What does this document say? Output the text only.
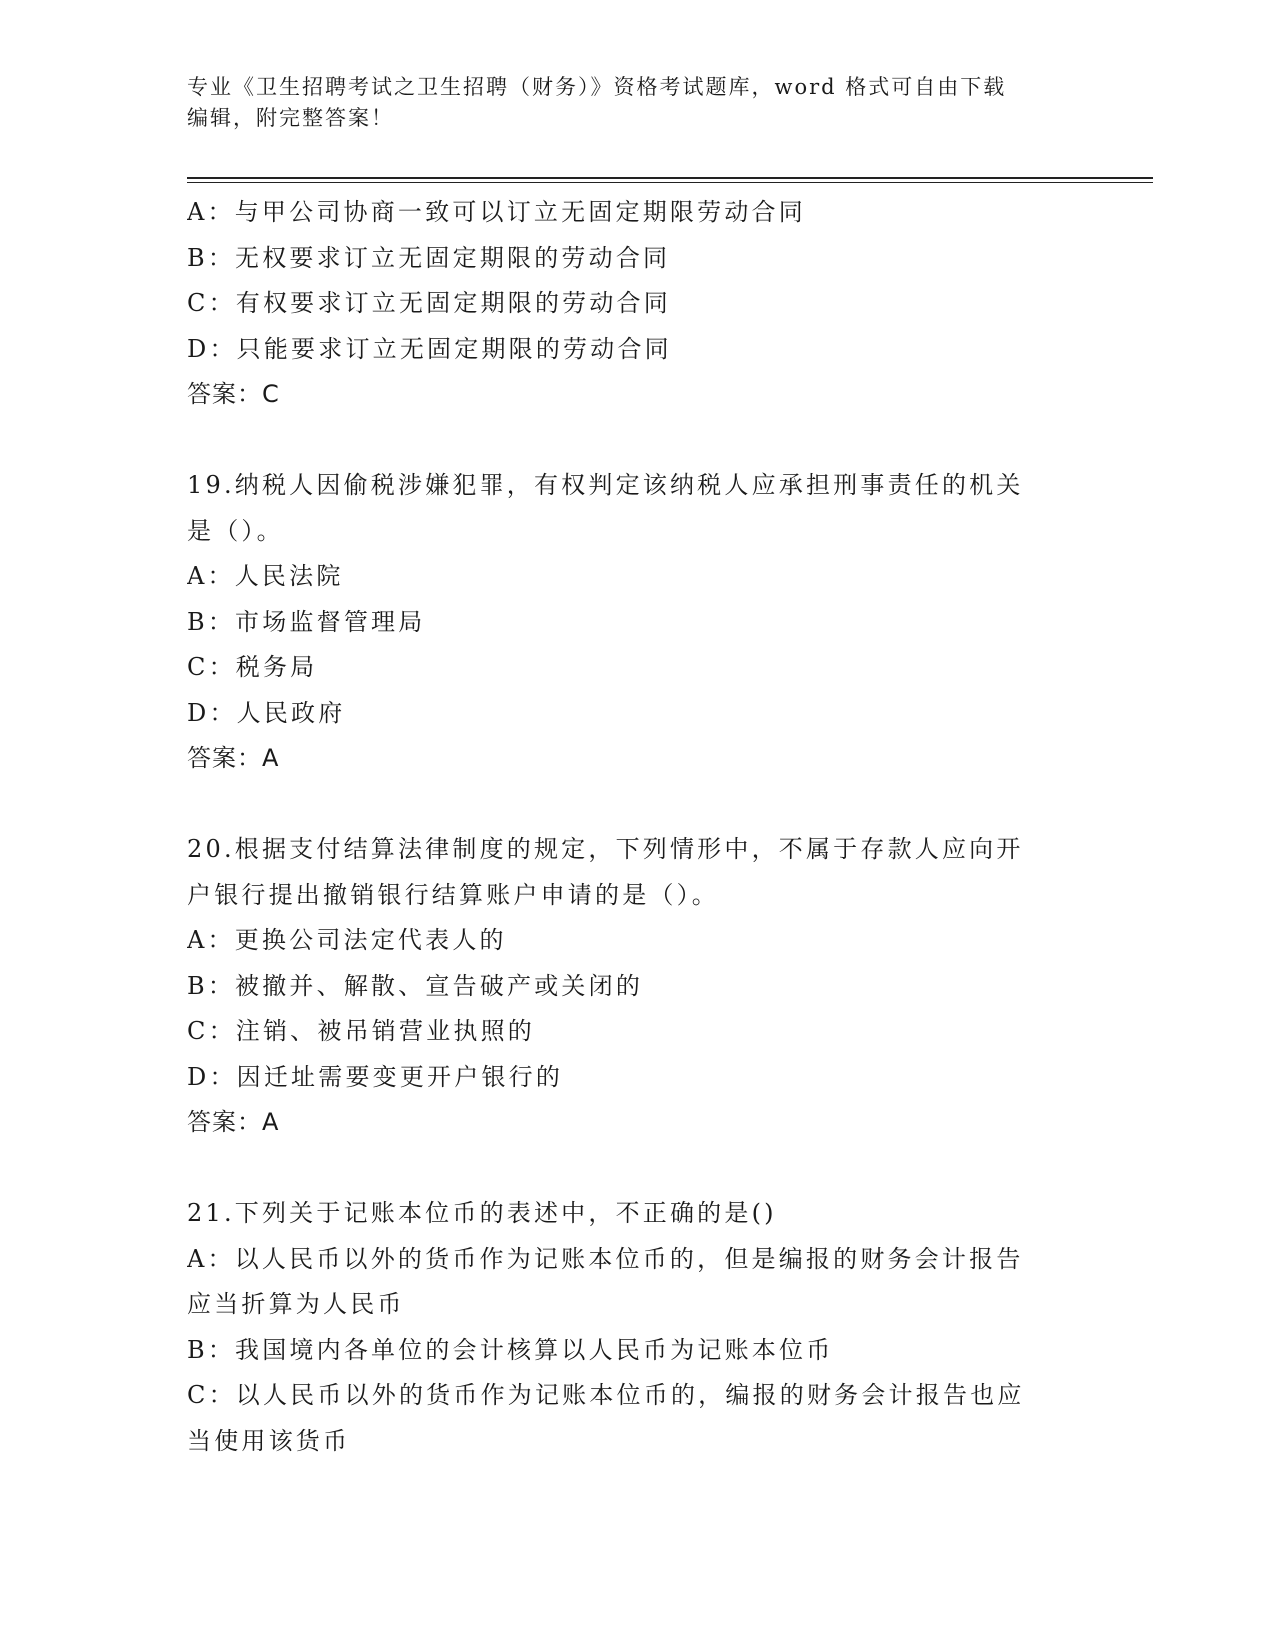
专业《卫生招聘考试之卫生招聘（财务）》资格考试题库，word 格式可自由下载
编辑，附完整答案！
A：与甲公司协商一致可以订立无固定期限劳动合同
B：无权要求订立无固定期限的劳动合同
C：有权要求订立无固定期限的劳动合同
D：只能要求订立无固定期限的劳动合同
答案：C
19.纳税人因偷税涉嫌犯罪，有权判定该纳税人应承担刑事责任的机关
是（）。
A：人民法院
B：市场监督管理局
C：税务局
D：人民政府
答案：A
20.根据支付结算法律制度的规定，下列情形中，不属于存款人应向开
户银行提出撤销银行结算账户申请的是（）。
A：更换公司法定代表人的
B：被撤并、解散、宣告破产或关闭的
C：注销、被吊销营业执照的
D：因迁址需要变更开户银行的
答案：A
21.下列关于记账本位币的表述中，不正确的是()
A：以人民币以外的货币作为记账本位币的，但是编报的财务会计报告
应当折算为人民币
B：我国境内各单位的会计核算以人民币为记账本位币
C：以人民币以外的货币作为记账本位币的，编报的财务会计报告也应
当使用该货币
